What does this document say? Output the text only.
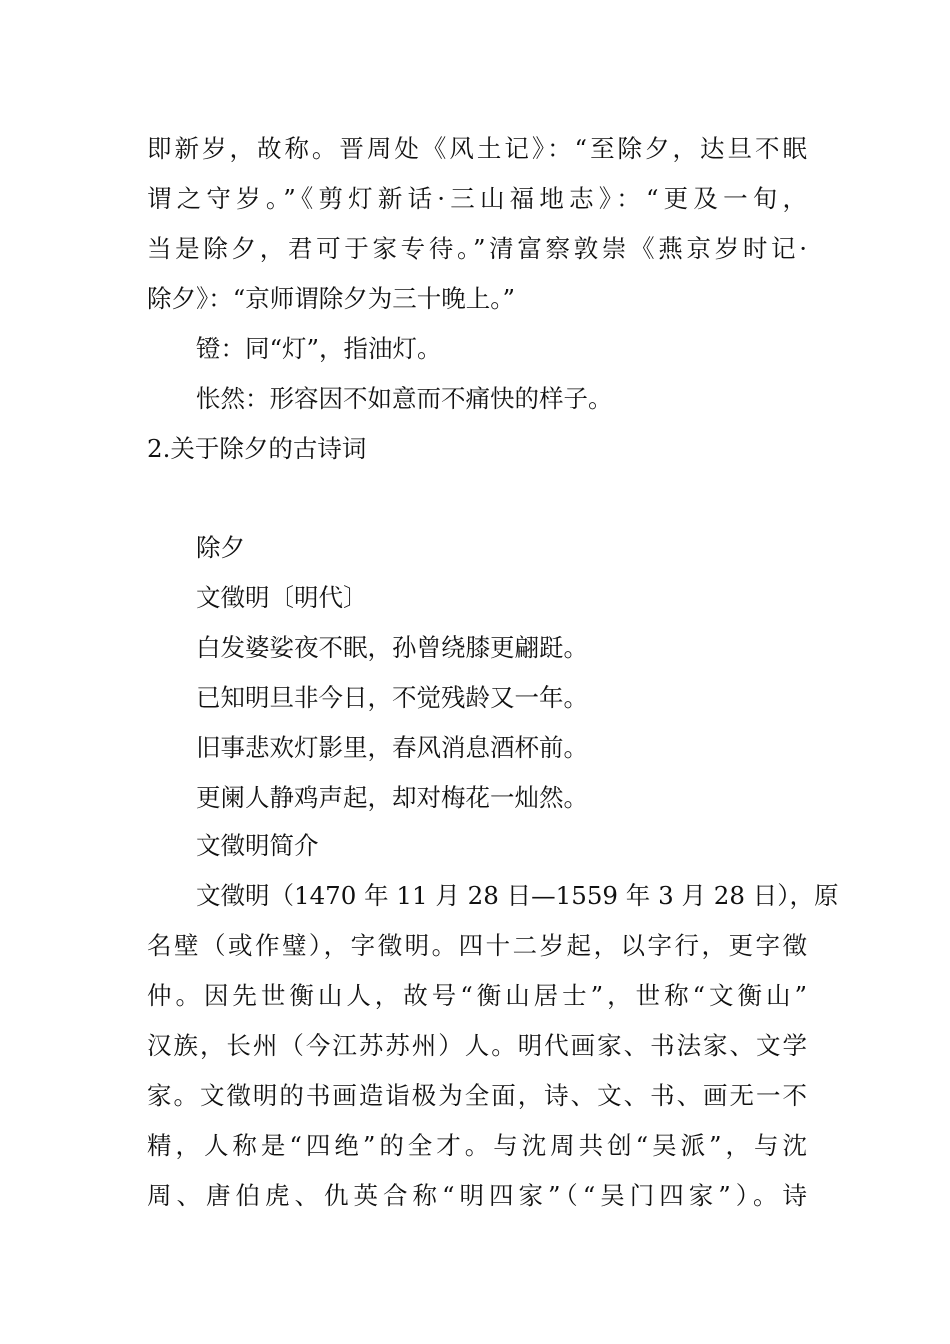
即新岁，故称。晋周处《风土记》：“至除夕，达旦不眠
谓之守岁。”《剪灯新话·三山福地志》：“更及一旬，
当是除夕，君可于家专待。”清富察敦崇《燕京岁时记·
除夕》：“京师谓除夕为三十晚上。”
镫：同“灯”，指油灯。
怅然：形容因不如意而不痛快的样子。
2.关于除夕的古诗词
除夕
文徵明〔明代〕
白发婆娑夜不眠，孙曾绕膝更翩跹。
已知明旦非今日，不觉残龄又一年。
旧事悲欢灯影里，春风消息酒杯前。
更阑人静鸡声起，却对梅花一灿然。
文徵明简介
文徵明（1470 年 11 月 28 日—1559 年 3 月 28 日），原
名壁（或作璧），字徵明。四十二岁起，以字行，更字徵
仲。因先世衡山人，故号“衡山居士”，世称“文衡山”
汉族，长州（今江苏苏州）人。明代画家、书法家、文学
家。文徵明的书画造诣极为全面，诗、文、书、画无一不
精，人称是“四绝”的全才。与沈周共创“吴派”，与沈
周、唐伯虎、仇英合称“明四家”（“吴门四家”）。诗
